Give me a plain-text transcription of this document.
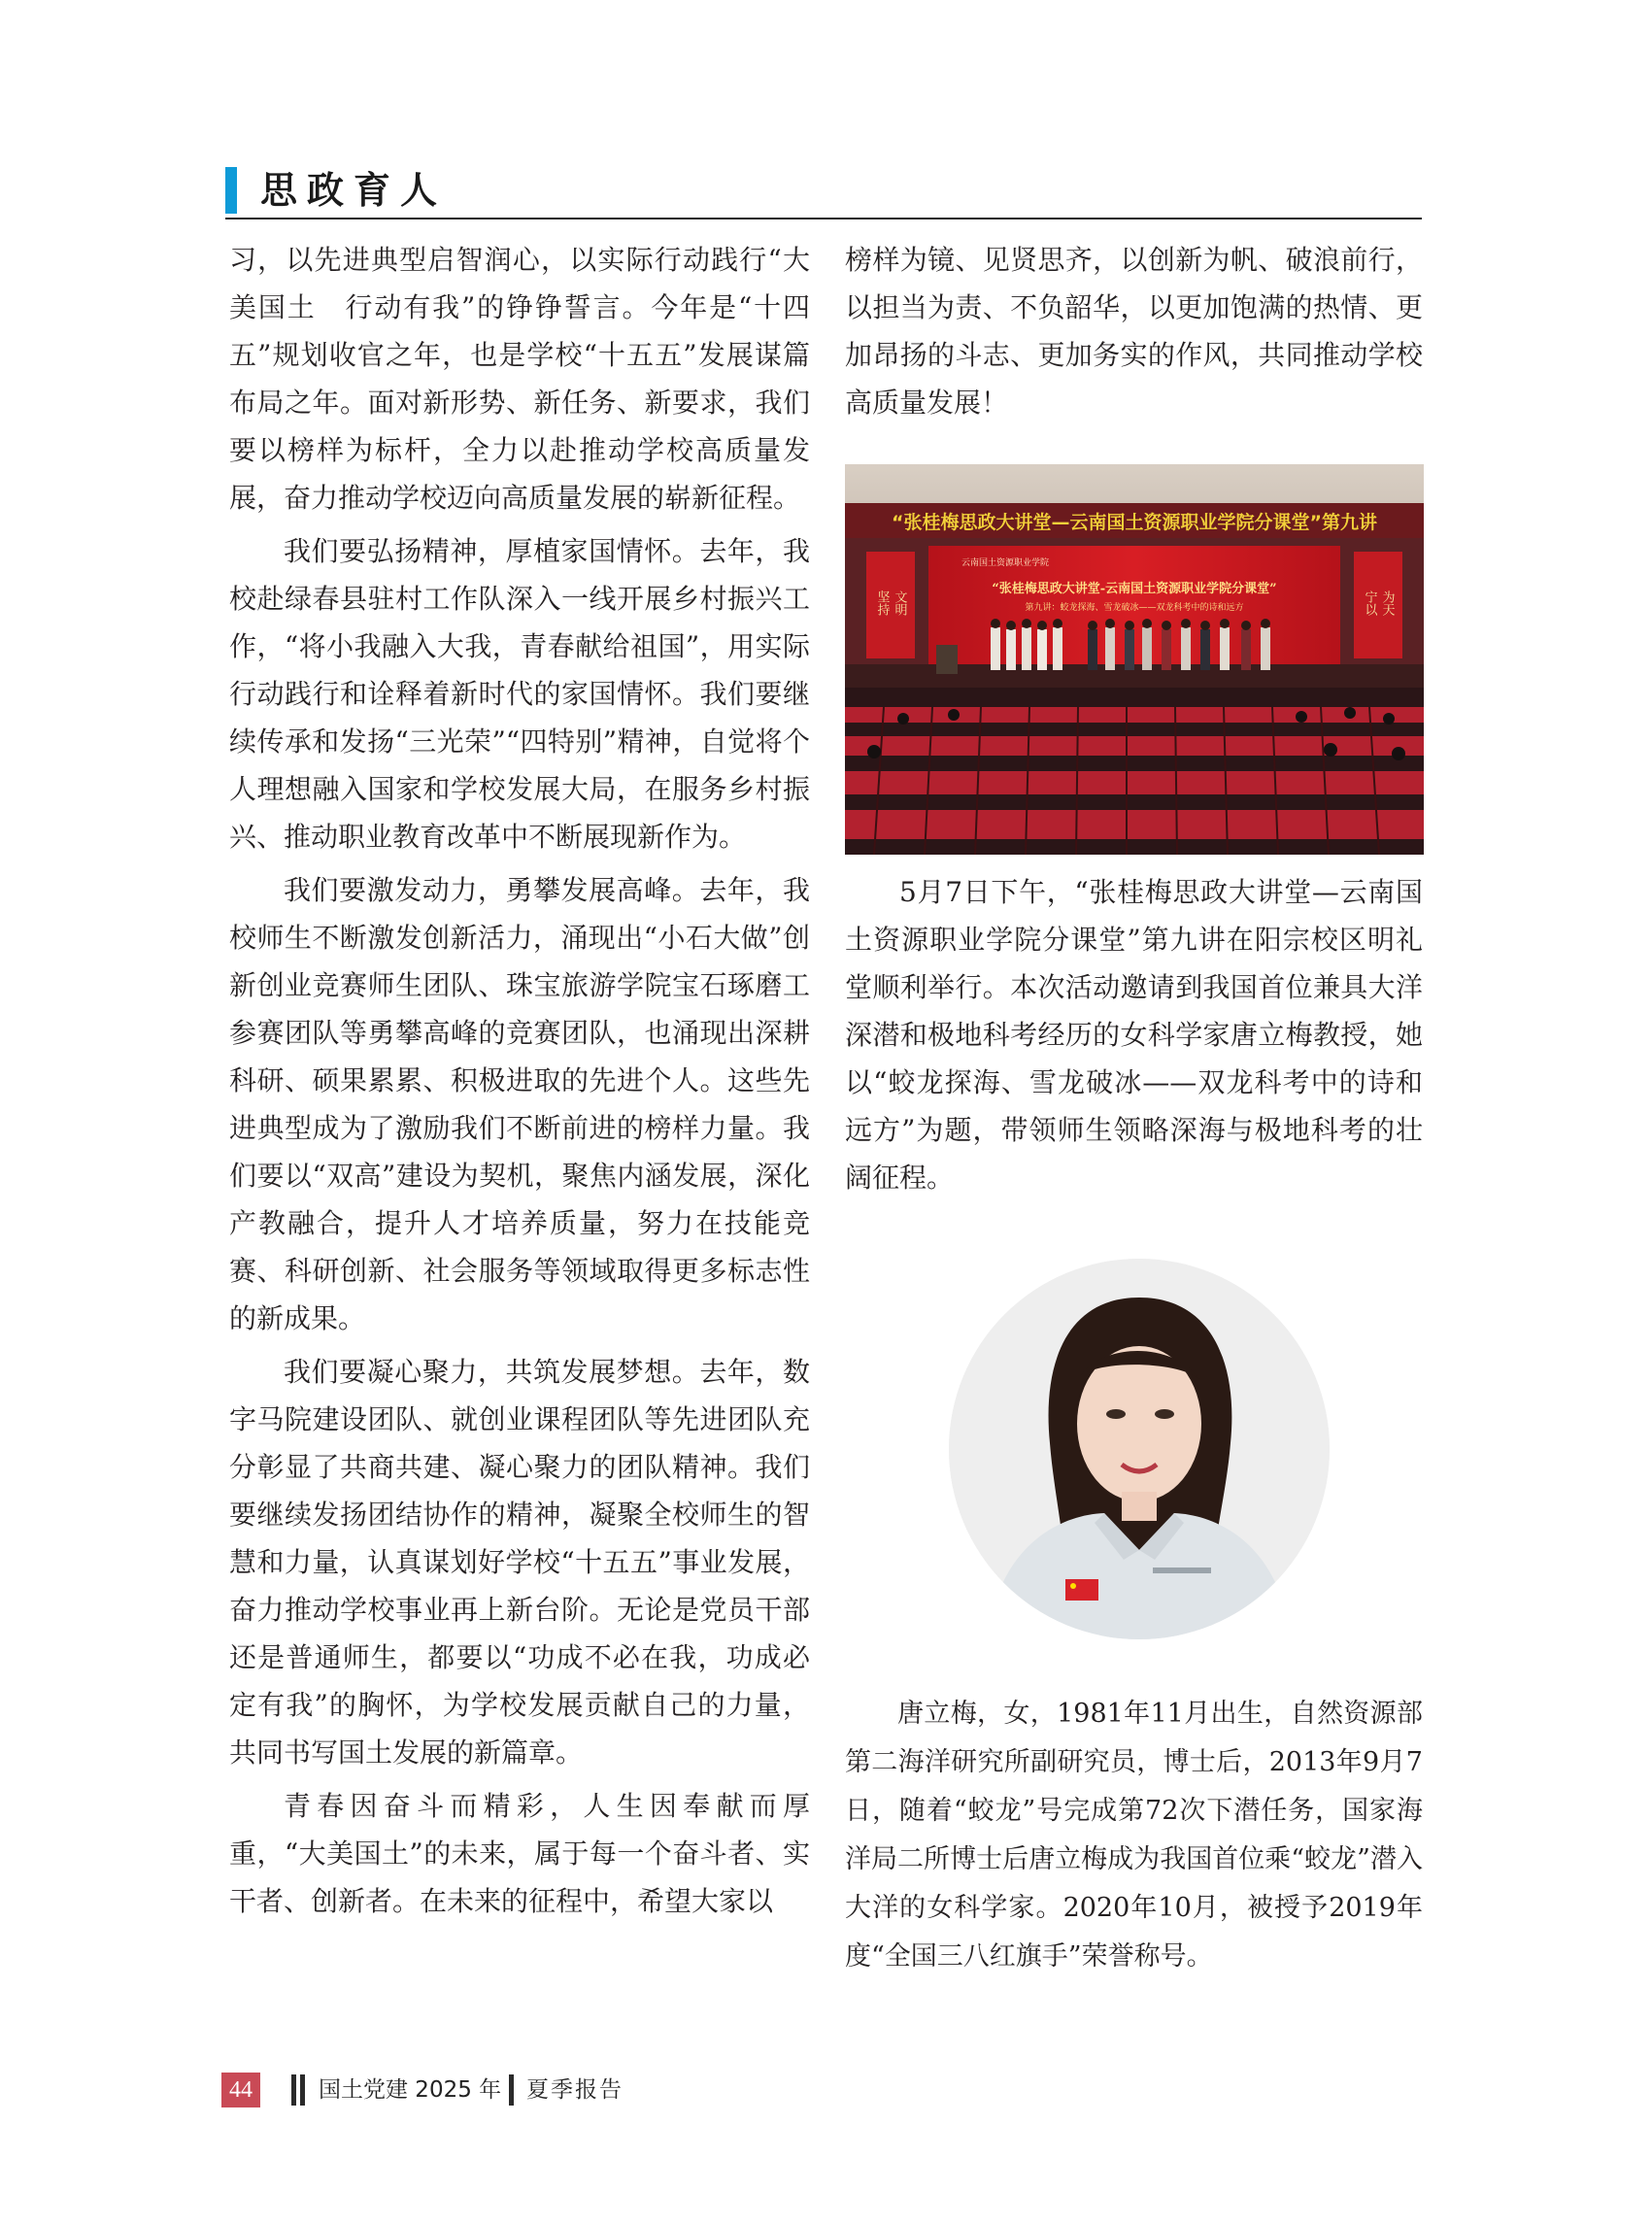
思政育人

习，以先进典型启智润心，以实际行动践行“大美国土　行动有我”的铮铮誓言。今年是“十四五”规划收官之年，也是学校“十五五”发展谋篇布局之年。面对新形势、新任务、新要求，我们要以榜样为标杆，全力以赴推动学校高质量发展，奋力推动学校迈向高质量发展的崭新征程。

我们要弘扬精神，厚植家国情怀。去年，我校赴绿春县驻村工作队深入一线开展乡村振兴工作，“将小我融入大我，青春献给祖国”，用实际行动践行和诠释着新时代的家国情怀。我们要继续传承和发扬“三光荣”“四特别”精神，自觉将个人理想融入国家和学校发展大局，在服务乡村振兴、推动职业教育改革中不断展现新作为。

我们要激发动力，勇攀发展高峰。去年，我校师生不断激发创新活力，涌现出“小石大做”创新创业竞赛师生团队、珠宝旅游学院宝石琢磨工参赛团队等勇攀高峰的竞赛团队，也涌现出深耕科研、硕果累累、积极进取的先进个人。这些先进典型成为了激励我们不断前进的榜样力量。我们要以“双高”建设为契机，聚焦内涵发展，深化产教融合，提升人才培养质量，努力在技能竞赛、科研创新、社会服务等领域取得更多标志性的新成果。

我们要凝心聚力，共筑发展梦想。去年，数字马院建设团队、就创业课程团队等先进团队充分彰显了共商共建、凝心聚力的团队精神。我们要继续发扬团结协作的精神，凝聚全校师生的智慧和力量，认真谋划好学校“十五五”事业发展，奋力推动学校事业再上新台阶。无论是党员干部还是普通师生，都要以“功成不必在我，功成必定有我”的胸怀，为学校发展贡献自己的力量，共同书写国土发展的新篇章。

青春因奋斗而精彩，人生因奉献而厚重，“大美国土”的未来，属于每一个奋斗者、实干者、创新者。在未来的征程中，希望大家以

榜样为镜、见贤思齐，以创新为帆、破浪前行，以担当为责、不负韶华，以更加饱满的热情、更加昂扬的斗志、更加务实的作风，共同推动学校高质量发展！

“张桂梅思政大讲堂—云南国土资源职业学院分课堂”第九讲
坚持 文明	宁以 为天
云南国土资源职业学院
“张桂梅思政大讲堂-云南国土资源职业学院分课堂”
第九讲：蛟龙探海、雪龙破冰——双龙科考中的诗和远方

5月7日下午，“张桂梅思政大讲堂—云南国土资源职业学院分课堂”第九讲在阳宗校区明礼堂顺利举行。本次活动邀请到我国首位兼具大洋深潜和极地科考经历的女科学家唐立梅教授，她以“蛟龙探海、雪龙破冰——双龙科考中的诗和远方”为题，带领师生领略深海与极地科考的壮阔征程。

唐立梅，女，1981年11月出生，自然资源部第二海洋研究所副研究员，博士后，2013年9月7日，随着“蛟龙”号完成第72次下潜任务，国家海洋局二所博士后唐立梅成为我国首位乘“蛟龙”潜入大洋的女科学家。2020年10月，被授予2019年度“全国三八红旗手”荣誉称号。

44	国土党建 2025 年 夏季报告
